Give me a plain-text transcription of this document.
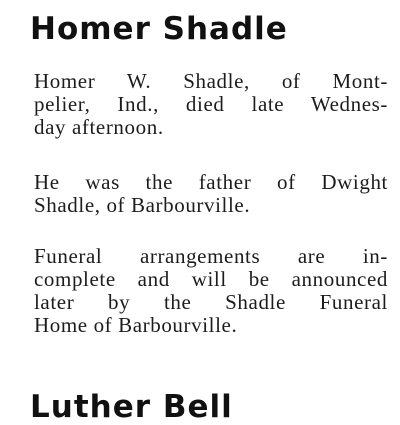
Homer Shadle

Homer W. Shadle, of Mont-
pelier, Ind., died late Wednes-
day afternoon.

He was the father of Dwight
Shadle, of Barbourville.

Funeral arrangements are in-
complete and will be announced
later by the Shadle Funeral
Home of Barbourville.

Luther Bell
